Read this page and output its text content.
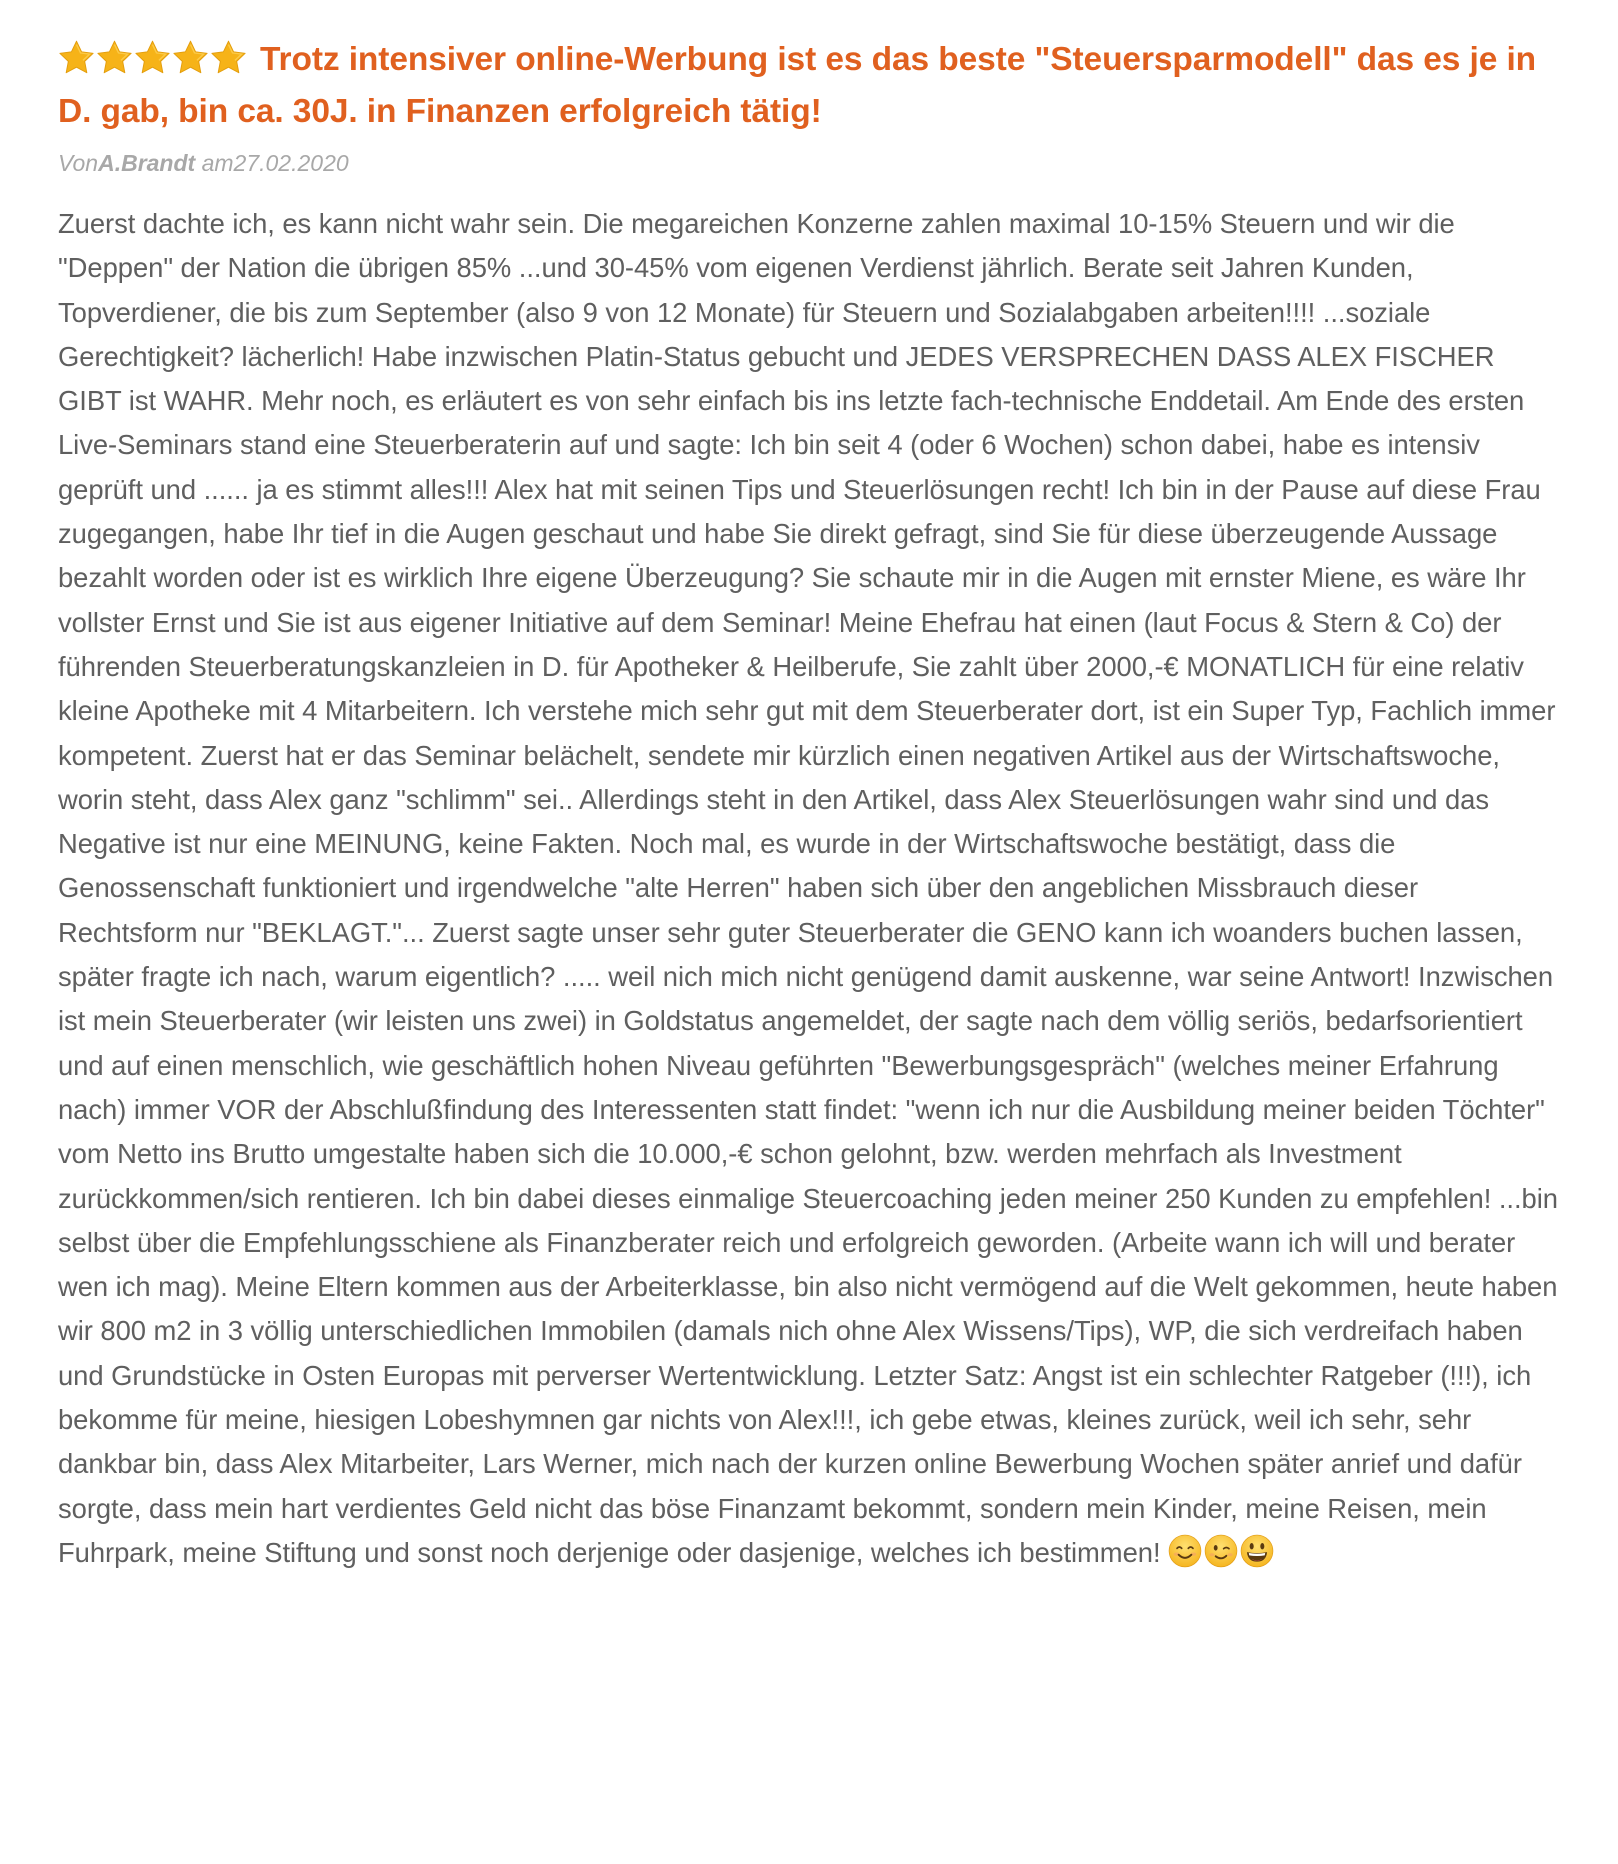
Trotz intensiver online-Werbung ist es das beste "Steuersparmodell" das es je in D. gab, bin ca. 30J. in Finanzen erfolgreich tätig!
VonA.Brandt am27.02.2020
Zuerst dachte ich, es kann nicht wahr sein. Die megareichen Konzerne zahlen maximal 10-15% Steuern und wir die "Deppen" der Nation die übrigen 85% ...und 30-45% vom eigenen Verdienst jährlich. Berate seit Jahren Kunden, Topverdiener, die bis zum September (also 9 von 12 Monate) für Steuern und Sozialabgaben arbeiten!!!! ...soziale Gerechtigkeit? lächerlich! Habe inzwischen Platin-Status gebucht und JEDES VERSPRECHEN DASS ALEX FISCHER GIBT ist WAHR. Mehr noch, es erläutert es von sehr einfach bis ins letzte fach-technische Enddetail. Am Ende des ersten Live-Seminars stand eine Steuerberaterin auf und sagte: Ich bin seit 4 (oder 6 Wochen) schon dabei, habe es intensiv geprüft und ...... ja es stimmt alles!!! Alex hat mit seinen Tips und Steuerlösungen recht! Ich bin in der Pause auf diese Frau zugegangen, habe Ihr tief in die Augen geschaut und habe Sie direkt gefragt, sind Sie für diese überzeugende Aussage bezahlt worden oder ist es wirklich Ihre eigene Überzeugung? Sie schaute mir in die Augen mit ernster Miene, es wäre Ihr vollster Ernst und Sie ist aus eigener Initiative auf dem Seminar! Meine Ehefrau hat einen (laut Focus & Stern & Co) der führenden Steuerberatungskanzleien in D. für Apotheker & Heilberufe, Sie zahlt über 2000,-€ MONATLICH für eine relativ kleine Apotheke mit 4 Mitarbeitern. Ich verstehe mich sehr gut mit dem Steuerberater dort, ist ein Super Typ, Fachlich immer kompetent. Zuerst hat er das Seminar belächelt, sendete mir kürzlich einen negativen Artikel aus der Wirtschaftswoche, worin steht, dass Alex ganz "schlimm" sei.. Allerdings steht in den Artikel, dass Alex Steuerlösungen wahr sind und das Negative ist nur eine MEINUNG, keine Fakten. Noch mal, es wurde in der Wirtschaftswoche bestätigt, dass die Genossenschaft funktioniert und irgendwelche "alte Herren" haben sich über den angeblichen Missbrauch dieser Rechtsform nur "BEKLAGT."... Zuerst sagte unser sehr guter Steuerberater die GENO kann ich woanders buchen lassen, später fragte ich nach, warum eigentlich? ..... weil nich mich nicht genügend damit auskenne, war seine Antwort! Inzwischen ist mein Steuerberater (wir leisten uns zwei) in Goldstatus angemeldet, der sagte nach dem völlig seriös, bedarfsorientiert und auf einen menschlich, wie geschäftlich hohen Niveau geführten "Bewerbungsgespräch" (welches meiner Erfahrung nach) immer VOR der Abschlußfindung des Interessenten statt findet: "wenn ich nur die Ausbildung meiner beiden Töchter" vom Netto ins Brutto umgestalte haben sich die 10.000,-€ schon gelohnt, bzw. werden mehrfach als Investment zurückkommen/sich rentieren. Ich bin dabei dieses einmalige Steuercoaching jeden meiner 250 Kunden zu empfehlen! ...bin selbst über die Empfehlungsschiene als Finanzberater reich und erfolgreich geworden. (Arbeite wann ich will und berater wen ich mag). Meine Eltern kommen aus der Arbeiterklasse, bin also nicht vermögend auf die Welt gekommen, heute haben wir 800 m2 in 3 völlig unterschiedlichen Immobilen (damals nich ohne Alex Wissens/Tips), WP, die sich verdreifach haben und Grundstücke in Osten Europas mit perverser Wertentwicklung. Letzter Satz: Angst ist ein schlechter Ratgeber (!!!), ich bekomme für meine, hiesigen Lobeshymnen gar nichts von Alex!!!, ich gebe etwas, kleines zurück, weil ich sehr, sehr dankbar bin, dass Alex Mitarbeiter, Lars Werner, mich nach der kurzen online Bewerbung Wochen später anrief und dafür sorgte, dass mein hart verdientes Geld nicht das böse Finanzamt bekommt, sondern mein Kinder, meine Reisen, mein Fuhrpark, meine Stiftung und sonst noch derjenige oder dasjenige, welches ich bestimmen!
